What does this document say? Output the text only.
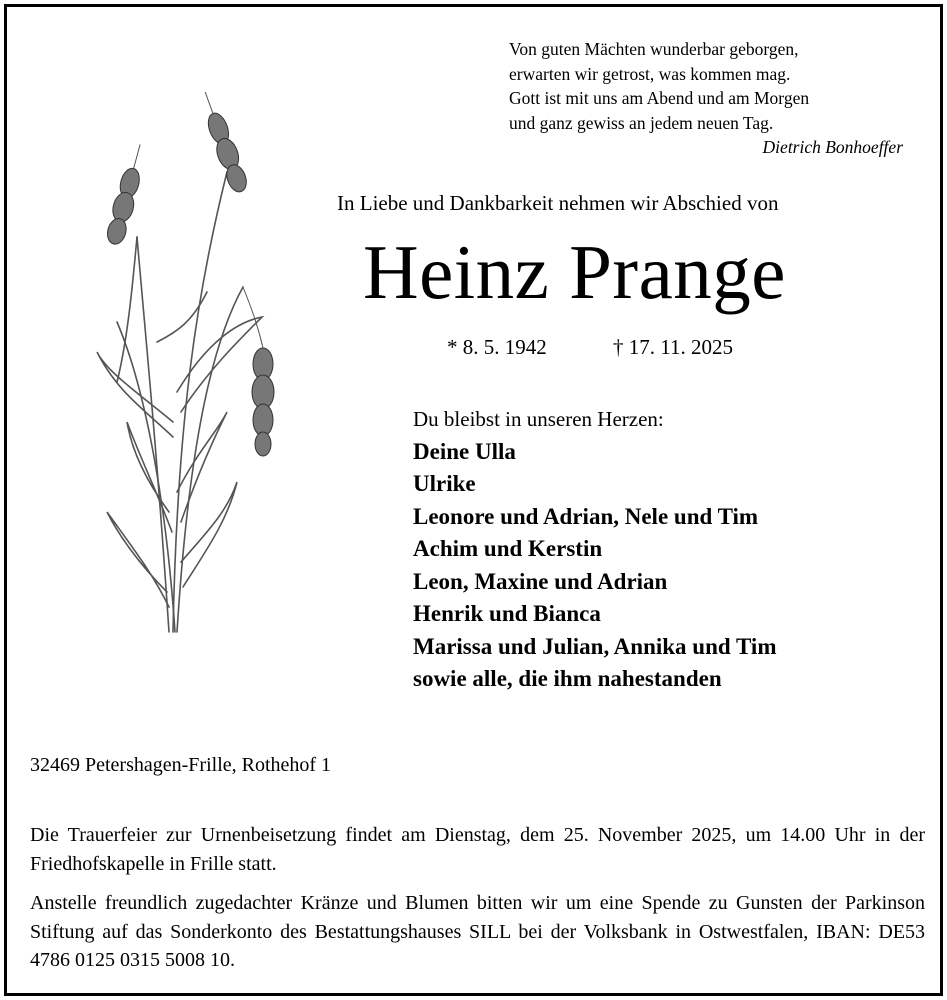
Von guten Mächten wunderbar geborgen,
erwarten wir getrost, was kommen mag.
Gott ist mit uns am Abend und am Morgen
und ganz gewiss an jedem neuen Tag.
Dietrich Bonhoeffer
In Liebe und Dankbarkeit nehmen wir Abschied von
Heinz Prange
* 8. 5. 1942	† 17. 11. 2025
Du bleibst in unseren Herzen:
Deine Ulla
Ulrike
Leonore und Adrian, Nele und Tim
Achim und Kerstin
Leon, Maxine und Adrian
Henrik und Bianca
Marissa und Julian, Annika und Tim
sowie alle, die ihm nahestanden
32469 Petershagen-Frille, Rothehof 1
Die Trauerfeier zur Urnenbeisetzung findet am Dienstag, dem 25. November 2025, um 14.00 Uhr in der Friedhofskapelle in Frille statt.
Anstelle freundlich zugedachter Kränze und Blumen bitten wir um eine Spende zu Gunsten der Parkinson Stiftung auf das Sonderkonto des Bestattungshauses SILL bei der Volksbank in Ostwestfalen, IBAN: DE53 4786 0125 0315 5008 10.
